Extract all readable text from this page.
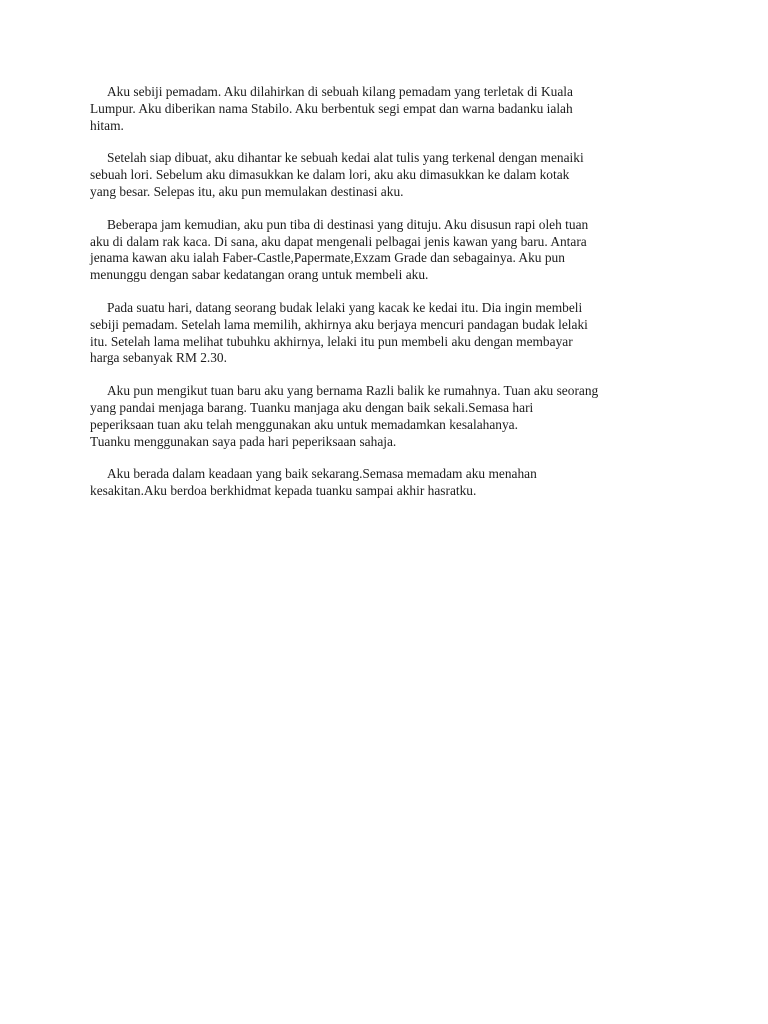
Aku sebiji pemadam. Aku dilahirkan di sebuah kilang pemadam yang terletak di Kuala
Lumpur. Aku diberikan nama Stabilo. Aku berbentuk segi empat dan warna badanku ialah
hitam.

Setelah siap dibuat, aku dihantar ke sebuah kedai alat tulis yang terkenal dengan menaiki
sebuah lori. Sebelum aku dimasukkan ke dalam lori, aku aku dimasukkan ke dalam kotak
yang besar. Selepas itu, aku pun memulakan destinasi aku.

Beberapa jam kemudian, aku pun tiba di destinasi yang dituju. Aku disusun rapi oleh tuan
aku di dalam rak kaca. Di sana, aku dapat mengenali pelbagai jenis kawan yang baru. Antara
jenama kawan aku ialah Faber-Castle,Papermate,Exzam Grade dan sebagainya. Aku pun
menunggu dengan sabar kedatangan orang untuk membeli aku.

Pada suatu hari, datang seorang budak lelaki yang kacak ke kedai itu. Dia ingin membeli
sebiji pemadam. Setelah lama memilih, akhirnya aku berjaya mencuri pandagan budak lelaki
itu. Setelah lama melihat tubuhku akhirnya, lelaki itu pun membeli aku dengan membayar
harga sebanyak RM 2.30.

Aku pun mengikut tuan baru aku yang bernama Razli balik ke rumahnya. Tuan aku seorang
yang pandai menjaga barang. Tuanku manjaga aku dengan baik sekali.Semasa hari
peperiksaan tuan aku telah menggunakan aku untuk memadamkan kesalahanya.
Tuanku menggunakan saya pada hari peperiksaan sahaja.

Aku berada dalam keadaan yang baik sekarang.Semasa memadam aku menahan
kesakitan.Aku berdoa berkhidmat kepada tuanku sampai akhir hasratku.
